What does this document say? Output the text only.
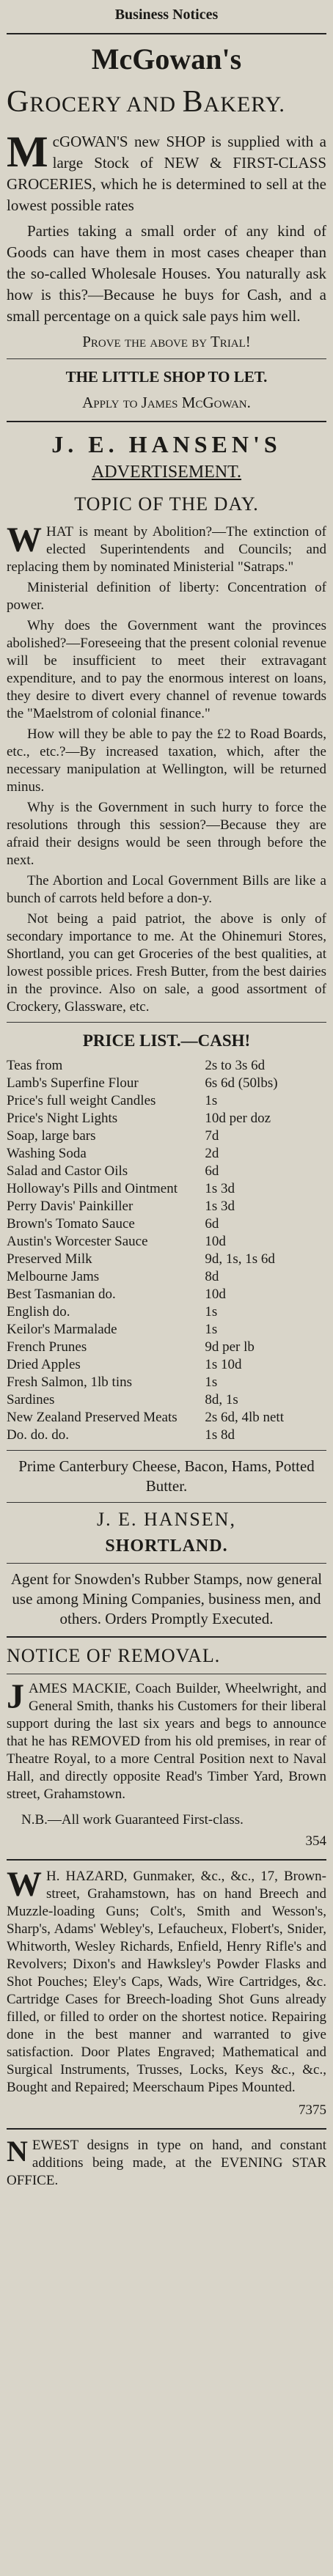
Business Notices
McGowan's
GROCERY AND BAKERY.
McGOWAN'S new SHOP is supplied with a large Stock of NEW & FIRST-CLASS GROCERIES, which he is determined to sell at the lowest possible rates
Parties taking a small order of any kind of Goods can have them in most cases cheaper than the so-called Wholesale Houses. You naturally ask how is this?—Because he buys for Cash, and a small percentage on a quick sale pays him well.
Prove the above by Trial!
THE LITTLE SHOP TO LET.
Apply to James McGowan.
J. E. HANSEN'S
ADVERTISEMENT.
TOPIC OF THE DAY.

WHAT is meant by Abolition?—The extinction of elected Superintendents and Councils; and replacing them by nominated Ministerial "Satraps."

Ministerial definition of liberty: Concentration of power.

Why does the Government want the provinces abolished?—Foreseeing that the present colonial revenue will be insufficient to meet their extravagant expenditure, and to pay the enormous interest on loans, they desire to divert every channel of revenue towards the "Maelstrom of colonial finance."

How will they be able to pay the £2 to Road Boards, etc., etc.?—By increased taxation, which, after the necessary manipulation at Wellington, will be returned minus.

Why is the Government in such hurry to force the resolutions through this session?—Because they are afraid their designs would be seen through before the next.

The Abortion and Local Government Bills are like a bunch of carrots held before a don-y.

Not being a paid patriot, the above is only of secondary importance to me. At the Ohinemuri Stores, Shortland, you can get Groceries of the best qualities, at lowest possible prices. Fresh Butter, from the best dairies in the province. Also on sale, a good assortment of Crockery, Glassware, etc.

PRICE LIST.—CASH!
Teas from	2s to 3s 6d
Lamb's Superfine Flour	6s 6d (50lbs)
Price's full weight Candles	1s
Price's Night Lights	10d per doz
Soap, large bars	7d
Washing Soda	2d
Salad and Castor Oils	6d
Holloway's Pills and Ointment	1s 3d
Perry Davis' Painkiller	1s 3d
Brown's Tomato Sauce	6d
Austin's Worcester Sauce	10d
Preserved Milk	9d, 1s, 1s 6d
Melbourne Jams	8d
Best Tasmanian do.	10d
English do.	1s
Keilor's Marmalade	1s
French Prunes	9d per lb
Dried Apples	1s 10d
Fresh Salmon, 1lb tins	1s
Sardines	8d, 1s
New Zealand Preserved Meats	2s 6d, 4lb nett
Do. do. do.	1s 8d
Prime Canterbury Cheese, Bacon, Hams, Potted Butter.
J. E. HANSEN,
SHORTLAND.
Agent for Snowden's Rubber Stamps, now general use among Mining Companies, business men, and others. Orders Promptly Executed.
NOTICE OF REMOVAL.

JAMES MACKIE, Coach Builder, Wheelwright, and General Smith, thanks his Customers for their liberal support during the last six years and begs to announce that he has REMOVED from his old premises, in rear of Theatre Royal, to a more Central Position next to Naval Hall, and directly opposite Read's Timber Yard, Brown street, Grahamstown.

N.B.—All work Guaranteed First-class.
354

W H. HAZARD, Gunmaker, &c., &c., 17, Brown-street, Grahamstown, has on hand Breech and Muzzle-loading Guns; Colt's, Smith and Wesson's, Sharp's, Adams' Webley's, Lefaucheux, Flobert's, Snider, Whitworth, Wesley Richards, Enfield, Henry Rifle's and Revolvers; Dixon's and Hawksley's Powder Flasks and Shot Pouches; Eley's Caps, Wads, Wire Cartridges, &c. Cartridge Cases for Breech-loading Shot Guns already filled, or filled to order on the shortest notice. Repairing done in the best manner and warranted to give satisfaction. Door Plates Engraved; Mathematical and Surgical Instruments, Trusses, Locks, Keys &c., &c., Bought and Repaired; Meerschaum Pipes Mounted.

7375

NEWEST designs in type on hand, and constant additions being made, at the EVENING STAR OFFICE.
